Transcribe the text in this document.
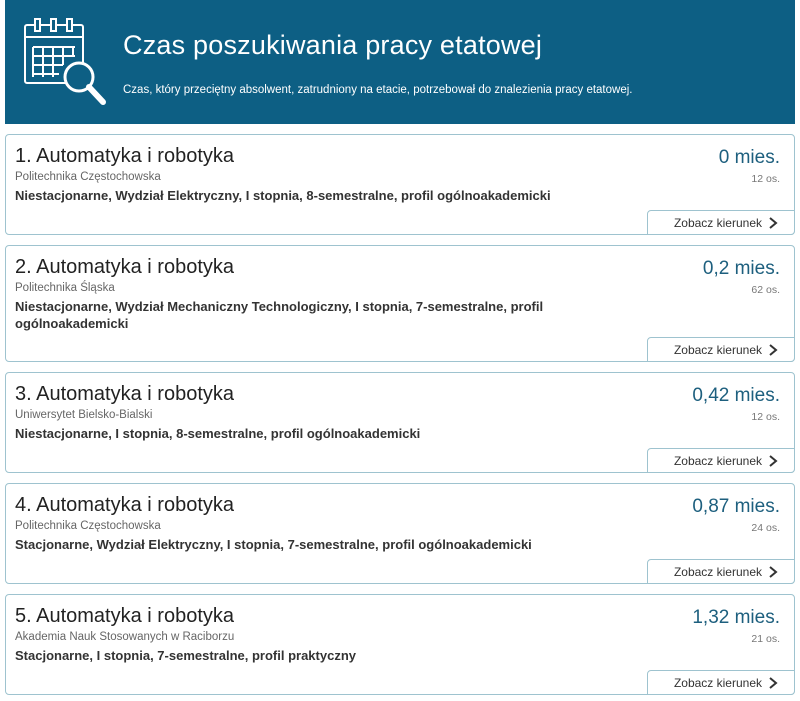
Czas poszukiwania pracy etatowej
Czas, który przeciętny absolwent, zatrudniony na etacie, potrzebował do znalezienia pracy etatowej.
1. Automatyka i robotyka
Politechnika Częstochowska
Niestacjonarne, Wydział Elektryczny, I stopnia, 8-semestralne, profil ogólnoakademicki
0 mies.
12 os.
Zobacz kierunek
2. Automatyka i robotyka
Politechnika Śląska
Niestacjonarne, Wydział Mechaniczny Technologiczny, I stopnia, 7-semestralne, profil ogólnoakademicki
0,2 mies.
62 os.
Zobacz kierunek
3. Automatyka i robotyka
Uniwersytet Bielsko-Bialski
Niestacjonarne, I stopnia, 8-semestralne, profil ogólnoakademicki
0,42 mies.
12 os.
Zobacz kierunek
4. Automatyka i robotyka
Politechnika Częstochowska
Stacjonarne, Wydział Elektryczny, I stopnia, 7-semestralne, profil ogólnoakademicki
0,87 mies.
24 os.
Zobacz kierunek
5. Automatyka i robotyka
Akademia Nauk Stosowanych w Raciborzu
Stacjonarne, I stopnia, 7-semestralne, profil praktyczny
1,32 mies.
21 os.
Zobacz kierunek
